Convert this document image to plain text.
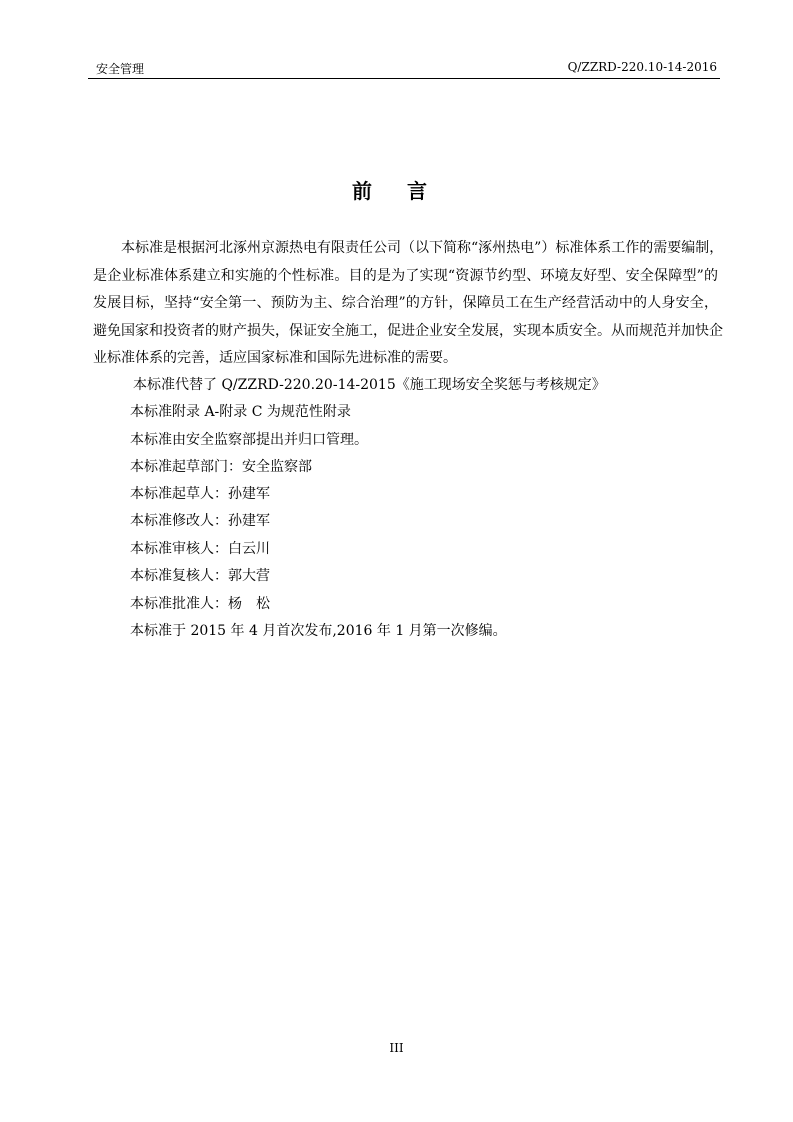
安全管理	Q/ZZRD-220.10-14-2016
前 言
本标准是根据河北涿州京源热电有限责任公司（以下简称“涿州热电”）标准体系工作的需要编制，
是企业标准体系建立和实施的个性标准。目的是为了实现“资源节约型、环境友好型、安全保障型”的
发展目标，坚持“安全第一、预防为主、综合治理”的方针，保障员工在生产经营活动中的人身安全，
避免国家和投资者的财产损失，保证安全施工，促进企业安全发展，实现本质安全。从而规范并加快企
业标准体系的完善，适应国家标准和国际先进标准的需要。
本标准代替了 Q/ZZRD-220.20-14-2015《施工现场安全奖惩与考核规定》
本标准附录 A-附录 C 为规范性附录
本标准由安全监察部提出并归口管理。
本标准起草部门：安全监察部
本标准起草人：孙建军
本标准修改人：孙建军
本标准审核人：白云川
本标准复核人：郭大营
本标准批准人：杨　松
本标准于 2015 年 4 月首次发布,2016 年 1 月第一次修编。
III
